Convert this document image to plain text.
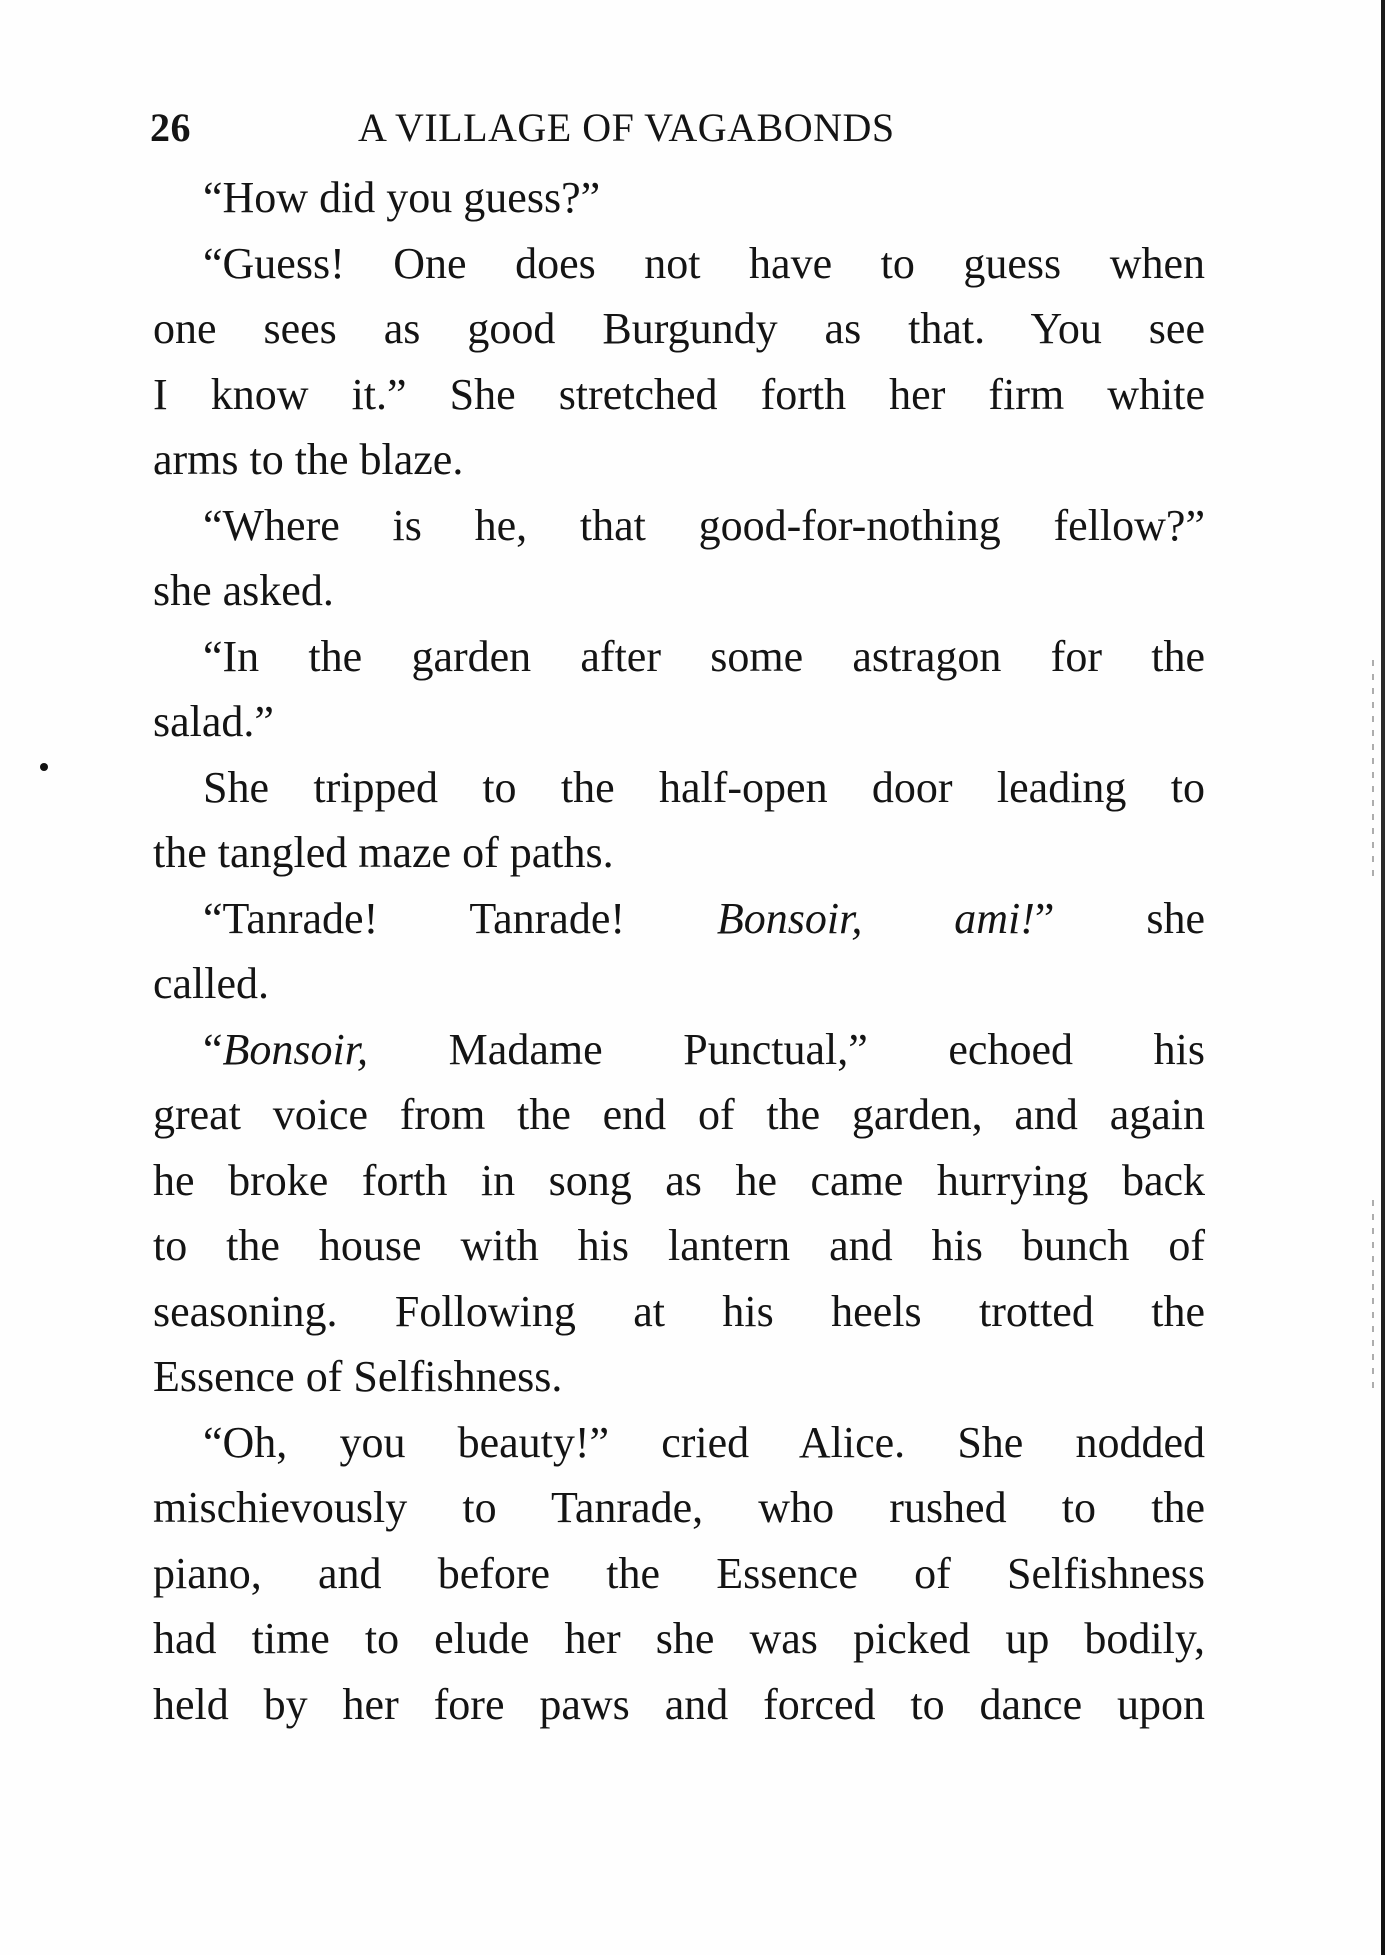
26	A VILLAGE OF VAGABONDS
“How did you guess?”
“Guess! One does not have to guess when
one sees as good Burgundy as that. You see
I know it.” She stretched forth her firm white
arms to the blaze.
“Where is he, that good-for-nothing fellow?”
she asked.
“In the garden after some astragon for the
salad.”
She tripped to the half-open door leading to
the tangled maze of paths.
“Tanrade! Tanrade! Bonsoir, ami!” she
called.
“Bonsoir, Madame Punctual,” echoed his
great voice from the end of the garden, and again
he broke forth in song as he came hurrying back
to the house with his lantern and his bunch of
seasoning. Following at his heels trotted the
Essence of Selfishness.
“Oh, you beauty!” cried Alice. She nodded
mischievously to Tanrade, who rushed to the
piano, and before the Essence of Selfishness
had time to elude her she was picked up bodily,
held by her fore paws and forced to dance upon
